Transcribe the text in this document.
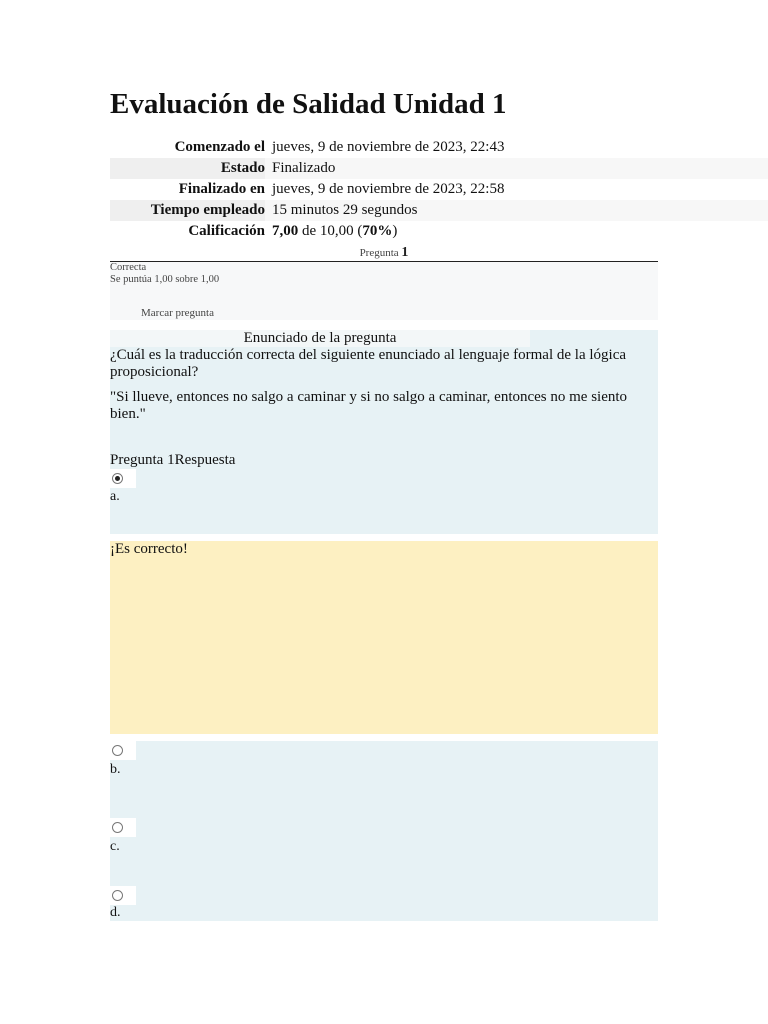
Evaluación de Salidad Unidad 1
Comenzado el jueves, 9 de noviembre de 2023, 22:43
Estado Finalizado
Finalizado en jueves, 9 de noviembre de 2023, 22:58
Tiempo empleado 15 minutos 29 segundos
Calificación 7,00 de 10,00 (70%)
Pregunta 1
Correcta
Se puntúa 1,00 sobre 1,00
Marcar pregunta
Enunciado de la pregunta

¿Cuál es la traducción correcta del siguiente enunciado al lenguaje formal de la lógica proposicional?

"Si llueve, entonces no salgo a caminar y si no salgo a caminar, entonces no me siento bien."

Pregunta 1Respuesta
a.
¡Es correcto!
b.
c.
d.
